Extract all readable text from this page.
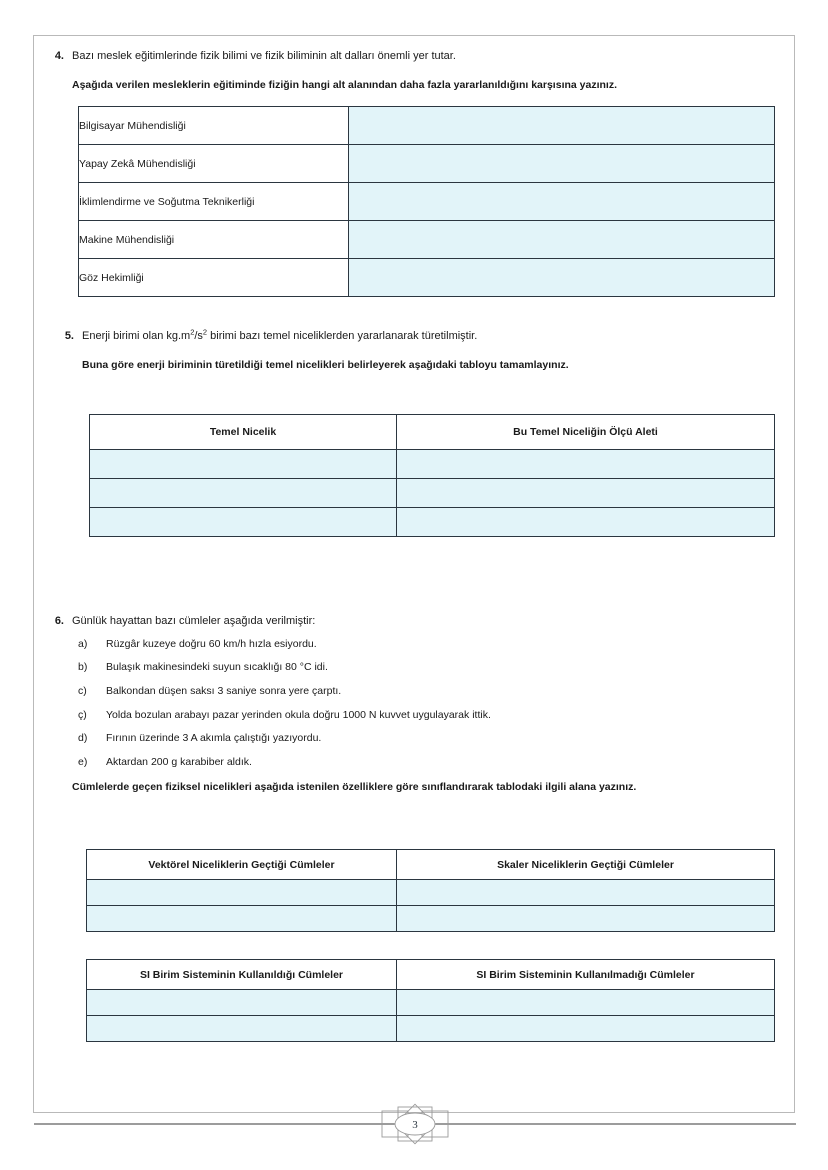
4. Bazı meslek eğitimlerinde fizik bilimi ve fizik biliminin alt dalları önemli yer tutar.
Aşağıda verilen mesleklerin eğitiminde fiziğin hangi alt alanından daha fazla yararlanıldığını karşısına yazınız.
Bilgisayar Mühendisliği	
Yapay Zekâ Mühendisliği	
İklimlendirme ve Soğutma Teknikerliği	
Makine Mühendisliği	
Göz Hekimliği	
5. Enerji birimi olan $kg.m^2/s^2$ birimi bazı temel niceliklerden yararlanarak türetilmiştir.
Buna göre enerji biriminin türetildiği temel nicelikleri belirleyerek aşağıdaki tabloyu tamamlayınız.
Temel Nicelik	Bu Temel Niceliğin Ölçü Aleti

6. Günlük hayattan bazı cümleler aşağıda verilmiştir:
a)	Rüzgâr kuzeye doğru 60 km/h hızla esiyordu.
b)	Bulaşık makinesindeki suyun sıcaklığı 80 °C idi.
c)	Balkondan düşen saksı 3 saniye sonra yere çarptı.
ç)	Yolda bozulan arabayı pazar yerinden okula doğru 1000 N kuvvet uygulayarak ittik.
d)	Fırının üzerinde 3 A akımla çalıştığı yazıyordu.
e)	Aktardan 200 g karabiber aldık.
Cümlelerde geçen fiziksel nicelikleri aşağıda istenilen özelliklere göre sınıflandırarak tablodaki ilgili alana yazınız.
Vektörel Niceliklerin Geçtiği Cümleler	Skaler Niceliklerin Geçtiği Cümleler

SI Birim Sisteminin Kullanıldığı Cümleler	SI Birim Sisteminin Kullanılmadığı Cümleler

3
